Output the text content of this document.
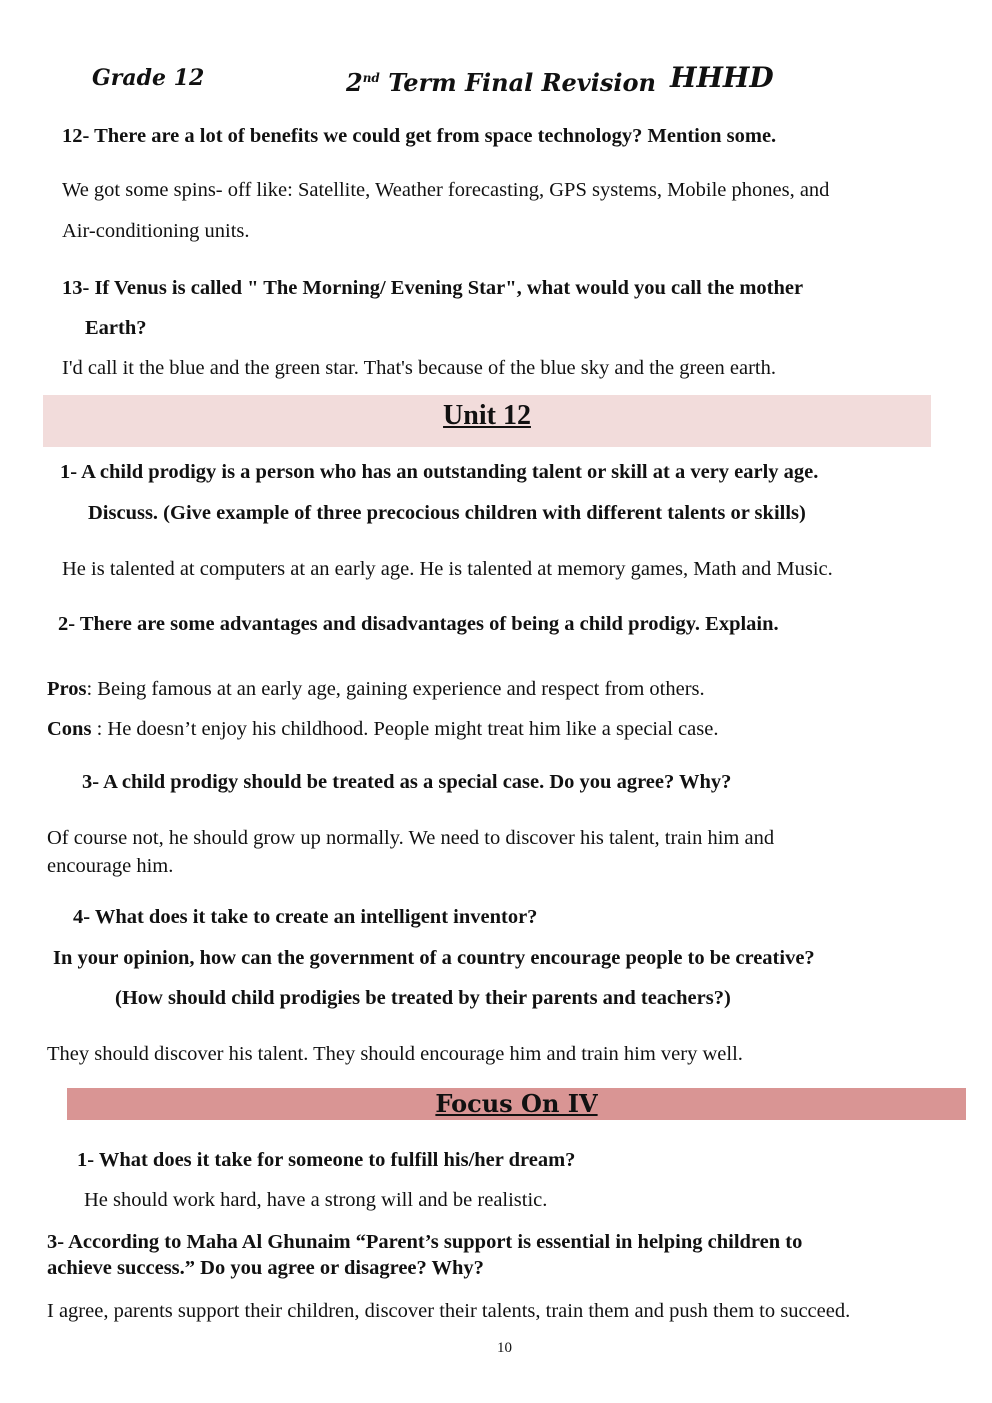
Grade 12	2nd Term Final Revision HHHD
12- There are a lot of benefits we could get from space technology? Mention some.
We got some spins- off like: Satellite, Weather forecasting, GPS systems, Mobile phones, and
Air-conditioning units.
13- If Venus is called " The Morning/ Evening Star", what would you call the mother
Earth?
I'd call it the blue and the green star. That's because of the blue sky and the green earth.
Unit 12
1- A child prodigy is a person who has an outstanding talent or skill at a very early age.
Discuss. (Give example of three precocious children with different talents or skills)
He is talented at computers at an early age. He is talented at memory games, Math and Music.
2- There are some advantages and disadvantages of being a child prodigy. Explain.
Pros: Being famous at an early age, gaining experience and respect from others.
Cons : He doesn’t enjoy his childhood. People might treat him like a special case.
3- A child prodigy should be treated as a special case. Do you agree? Why?
Of course not, he should grow up normally. We need to discover his talent, train him and
encourage him.
4- What does it take to create an intelligent inventor?
In your opinion, how can the government of a country encourage people to be creative?
(How should child prodigies be treated by their parents and teachers?)
They should discover his talent. They should encourage him and train him very well.
Focus On IV
1- What does it take for someone to fulfill his/her dream?
He should work hard, have a strong will and be realistic.
3- According to Maha Al Ghunaim “Parent’s support is essential in helping children to
achieve success.” Do you agree or disagree? Why?
I agree, parents support their children, discover their talents, train them and push them to succeed.
10
